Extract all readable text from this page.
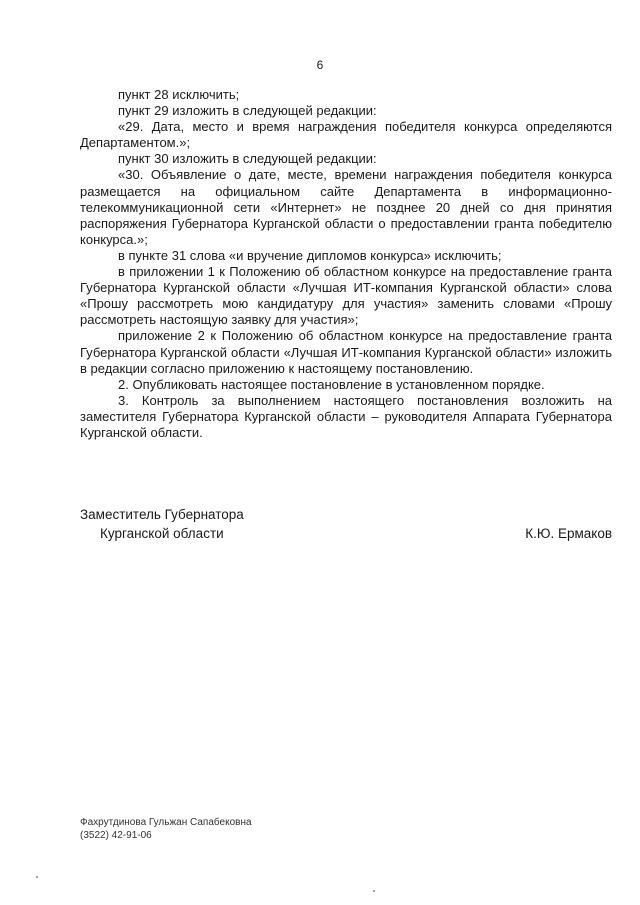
6

пункт 28 исключить;

пункт 29 изложить в следующей редакции:

«29. Дата, место и время награждения победителя конкурса определяются Департаментом.»;

пункт 30 изложить в следующей редакции:

«30. Объявление о дате, месте, времени награждения победителя конкурса размещается на официальном сайте Департамента в информационно-телекоммуникационной сети «Интернет» не позднее 20 дней со дня принятия распоряжения Губернатора Курганской области о предоставлении гранта победителю конкурса.»;

в пункте 31 слова «и вручение дипломов конкурса» исключить;

в приложении 1 к Положению об областном конкурсе на предоставление гранта Губернатора Курганской области «Лучшая ИТ-компания Курганской области» слова «Прошу рассмотреть мою кандидатуру для участия» заменить словами «Прошу рассмотреть настоящую заявку для участия»;

приложение 2 к Положению об областном конкурсе на предоставление гранта Губернатора Курганской области «Лучшая ИТ-компания Курганской области» изложить в редакции согласно приложению к настоящему постановлению.

2. Опубликовать настоящее постановление в установленном порядке.

3. Контроль за выполнением настоящего постановления возложить на заместителя Губернатора Курганской области – руководителя Аппарата Губернатора Курганской области.

Заместитель Губернатора
Курганской области	К.Ю. Ермаков
Фахрутдинова Гульжан Сапабековна
(3522) 42-91-06
